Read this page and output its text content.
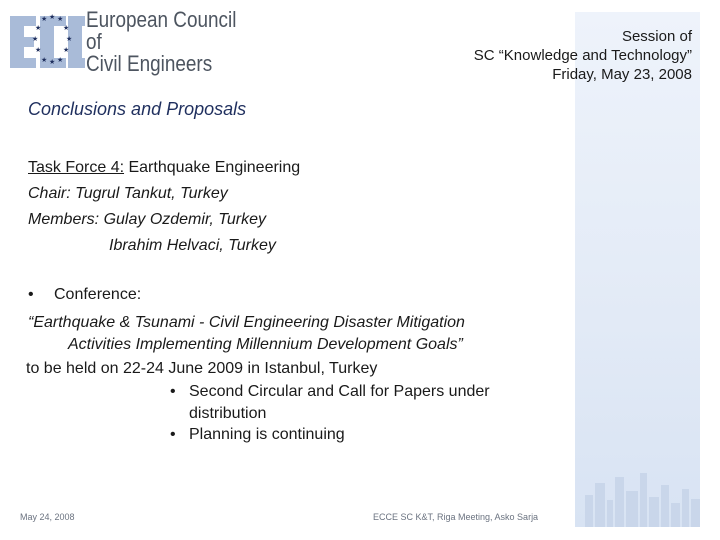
★ ★ ★
★	★
★	★
★	★
★ ★ ★
European Council
of
Civil Engineers
Session of
SC “Knowledge and Technology”
Friday, May 23, 2008
Conclusions and Proposals
Task Force 4: Earthquake Engineering
Chair: Tugrul Tankut, Turkey
Members: Gulay Ozdemir, Turkey
Ibrahim Helvaci, Turkey
• Conference:
“Earthquake & Tsunami - Civil Engineering Disaster Mitigation
Activities Implementing Millennium Development Goals”
to be held on 22-24 June 2009 in Istanbul, Turkey
• Second Circular and Call for Papers under
distribution
• Planning is continuing
May 24, 2008	ECCE SC K&T, Riga Meeting, Asko Sarja
